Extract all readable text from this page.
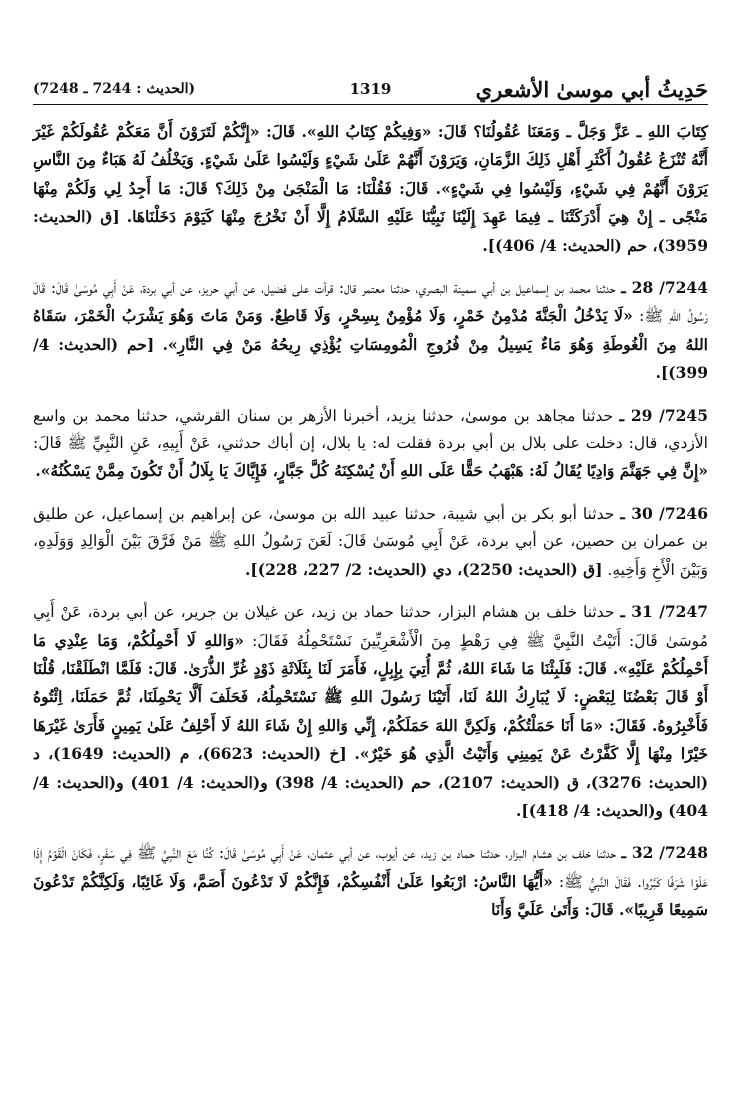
حَدِيثُ أبي موسىٰ الأشعري
1319
(الحديث : 7244 ـ 7248)

كِتَابَ اللهِ ـ عَزَّ وَجَلَّ ـ وَمَعَنَا عُقُولُنَا؟ قَالَ: «وَفِيكُمْ كِتَابُ اللهِ». قَالَ: «إِنَّكُمْ لَتَرَوْنَ أَنَّ مَعَكُمْ عُقُولَكُمْ غَيْرَ أَنَّهُ تُنْزَعُ عُقُولُ أَكْثَرِ أَهْلِ ذَلِكَ الزَّمَانِ، وَيَرَوْنَ أَنَّهُمْ عَلَىٰ شَيْءٍ وَلَيْسُوا عَلَىٰ شَيْءٍ. وَيَخْلُفُ لَهُ هَبَاءٌ مِنَ النَّاسِ يَرَوْنَ أَنَّهُمْ فِي شَيْءٍ، وَلَيْسُوا فِي شَيْءٍ». قَالَ: فَقُلْنَا: مَا الْمَنْجَىٰ مِنْ ذَلِكَ؟ قَالَ: مَا أَجِدُ لِي وَلَكُمْ مِنْهَا مَنْجًى ـ إِنْ هِيَ أَدْرَكَتْنَا ـ فِيمَا عَهِدَ إِلَيْنَا نَبِيُّنَا عَلَيْهِ السَّلَامُ إِلَّا أَنْ نَخْرُجَ مِنْهَا كَيَوْمَ دَخَلْنَاهَا. [ق (الحديث: 3959)، حم (الحديث: 4/ 406)].

7244/ 28 ـ حدثنا محمد بن إسماعيل بن أبي سمينة البصري، حدثنا معتمر قال: قرأت على فضيل، عن أبي حريز، عن أبي بردة، عَنْ أَبِي مُوسَىٰ قَالَ: قَالَ رَسُولُ اللهِ ﷺ: «لَا يَدْخُلُ الْجَنَّةَ مُدْمِنُ خَمْرٍ، وَلَا مُؤْمِنٌ بِسِحْرٍ، وَلَا قَاطِعٌ. وَمَنْ مَاتَ وَهُوَ يَشْرَبُ الْخَمْرَ، سَقَاهُ اللهُ مِنَ الْغُوطَةِ وَهُوَ مَاءٌ يَسِيلُ مِنْ فُرُوجِ الْمُومِسَاتِ يُؤْذِي رِيحُهُ مَنْ فِي النَّارِ». [حم (الحديث: 4/ 399)].

7245/ 29 ـ حدثنا مجاهد بن موسىٰ، حدثنا يزيد، أخبرنا الأزهر بن سنان القرشي، حدثنا محمد بن واسع الأزدي، قال: دخلت على بلال بن أبي بردة فقلت له: يا بلال، إن أباك حدثني، عَنْ أَبِيهِ، عَنِ النَّبِيِّ ﷺ قَالَ: «إِنَّ فِي جَهَنَّمَ وَادِيًا يُقَالُ لَهُ: هَبْهَبُ حَقًّا عَلَى اللهِ أَنْ يُسْكِنَهُ كُلَّ جَبَّارٍ، فَإِيَّاكَ يَا بِلَالُ أَنْ تَكُونَ مِمَّنْ يَسْكُنُهُ».

7246/ 30 ـ حدثنا أبو بكر بن أبي شيبة، حدثنا عبيد الله بن موسىٰ، عن إبراهيم بن إسماعيل، عن طليق بن عمران بن حصين، عن أبي بردة، عَنْ أَبِي مُوسَىٰ قَالَ: لَعَنَ رَسُولُ اللهِ ﷺ مَنْ فَرَّقَ بَيْنَ الْوَالِدِ وَوَلَدِهِ، وَبَيْنَ الْأَخِ وَأَخِيهِ. [ق (الحديث: 2250)، دي (الحديث: 2/ 227، 228)].

7247/ 31 ـ حدثنا خلف بن هشام البزار، حدثنا حماد بن زيد، عن غيلان بن جرير، عن أبي بردة، عَنْ أَبِي مُوسَىٰ قَالَ: أَتَيْتُ النَّبِيَّ ﷺ فِي رَهْطٍ مِنَ الْأَشْعَرِيِّينَ نَسْتَحْمِلُهُ فَقَالَ: «وَاللهِ لَا أَحْمِلُكُمْ، وَمَا عِنْدِي مَا أَحْمِلُكُمْ عَلَيْهِ». قَالَ: فَلَبِثْنَا مَا شَاءَ اللهُ، ثُمَّ أُتِيَ بِإِبِلٍ، فَأَمَرَ لَنَا بِثَلَاثَةِ ذَوْدٍ غُرِّ الذُّرَىٰ. قَالَ: فَلَمَّا انْطَلَقْنَا، قُلْنَا أَوْ قَالَ بَعْضُنَا لِبَعْضٍ: لَا يُبَارِكُ اللهُ لَنَا، أَتَيْنَا رَسُولَ اللهِ ﷺ نَسْتَحْمِلُهُ، فَحَلَفَ أَلَّا يَحْمِلَنَا، ثُمَّ حَمَلَنَا، اِئْتُوهُ فَأَخْبِرُوهُ. فَقَالَ: «مَا أَنَا حَمَلْتُكُمْ، وَلَكِنَّ اللهَ حَمَلَكُمْ، إِنِّي وَاللهِ إِنْ شَاءَ اللهُ لَا أَحْلِفُ عَلَىٰ يَمِينٍ فَأَرَىٰ غَيْرَهَا خَيْرًا مِنْهَا إِلَّا كَفَّرْتُ عَنْ يَمِينِي وَأَتَيْتُ الَّذِي هُوَ خَيْرٌ». [خ (الحديث: 6623)، م (الحديث: 1649)، د (الحديث: 3276)، ق (الحديث: 2107)، حم (الحديث: 4/ 398) و(الحديث: 4/ 401) و(الحديث: 4/ 404) و(الحديث: 4/ 418)].

7248/ 32 ـ حدثنا خلف بن هشام البزار، حدثنا حماد بن زيد، عن أيوب، عن أبي عثمان، عَنْ أَبِي مُوسَىٰ قَالَ: كُنَّا مَعَ النَّبِيِّ ﷺ فِي سَفَرٍ، فَكَانَ الْقَوْمُ إِذَا عَلَوْا شَرَفًا كَبَّرُوا. فَقَالَ النَّبِيُّ ﷺ: «أَيُّهَا النَّاسُ: ارْبَعُوا عَلَىٰ أَنْفُسِكُمْ، فَإِنَّكُمْ لَا تَدْعُونَ أَصَمَّ، وَلَا غَائِبًا، وَلَكِنَّكُمْ تَدْعُونَ سَمِيعًا قَرِيبًا». قَالَ: وَأَتَىٰ عَلَيَّ وَأَنَا
